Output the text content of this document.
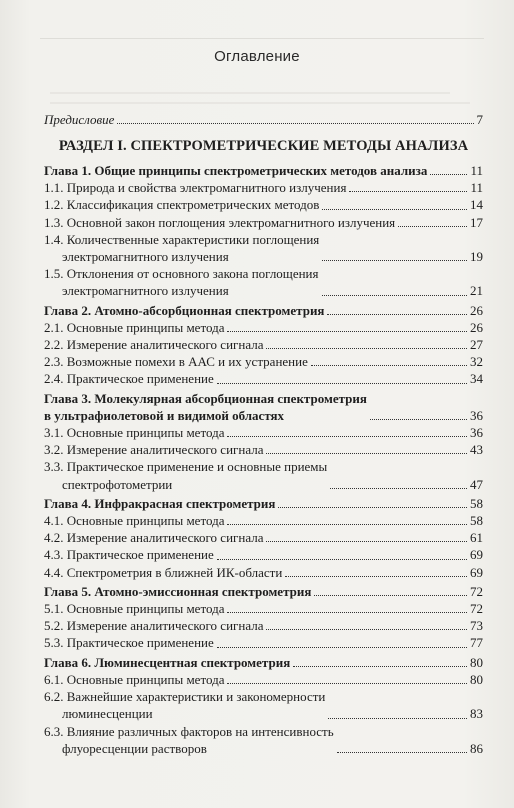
Оглавление
Предисловие	7
РАЗДЕЛ I. СПЕКТРОМЕТРИЧЕСКИЕ МЕТОДЫ АНАЛИЗА
Глава 1. Общие принципы спектрометрических методов анализа	11
1.1. Природа и свойства электромагнитного излучения	11
1.2. Классификация спектрометрических методов	14
1.3. Основной закон поглощения электромагнитного излучения	17
1.4. Количественные характеристики поглощения
электромагнитного излучения	19
1.5. Отклонения от основного закона поглощения
электромагнитного излучения	21
Глава 2. Атомно-абсорбционная спектрометрия	26
2.1. Основные принципы метода	26
2.2. Измерение аналитического сигнала	27
2.3. Возможные помехи в ААС и их устранение	32
2.4. Практическое применение	34
Глава 3. Молекулярная абсорбционная спектрометрия
в ультрафиолетовой и видимой областях	36
3.1. Основные принципы метода	36
3.2. Измерение аналитического сигнала	43
3.3. Практическое применение и основные приемы
спектрофотометрии	47
Глава 4. Инфракрасная спектрометрия	58
4.1. Основные принципы метода	58
4.2. Измерение аналитического сигнала	61
4.3. Практическое применение	69
4.4. Спектрометрия в ближней ИК-области	69
Глава 5. Атомно-эмиссионная спектрометрия	72
5.1. Основные принципы метода	72
5.2. Измерение аналитического сигнала	73
5.3. Практическое применение	77
Глава 6. Люминесцентная спектрометрия	80
6.1. Основные принципы метода	80
6.2. Важнейшие характеристики и закономерности
люминесценции	83
6.3. Влияние различных факторов на интенсивность
флуоресценции растворов	86
